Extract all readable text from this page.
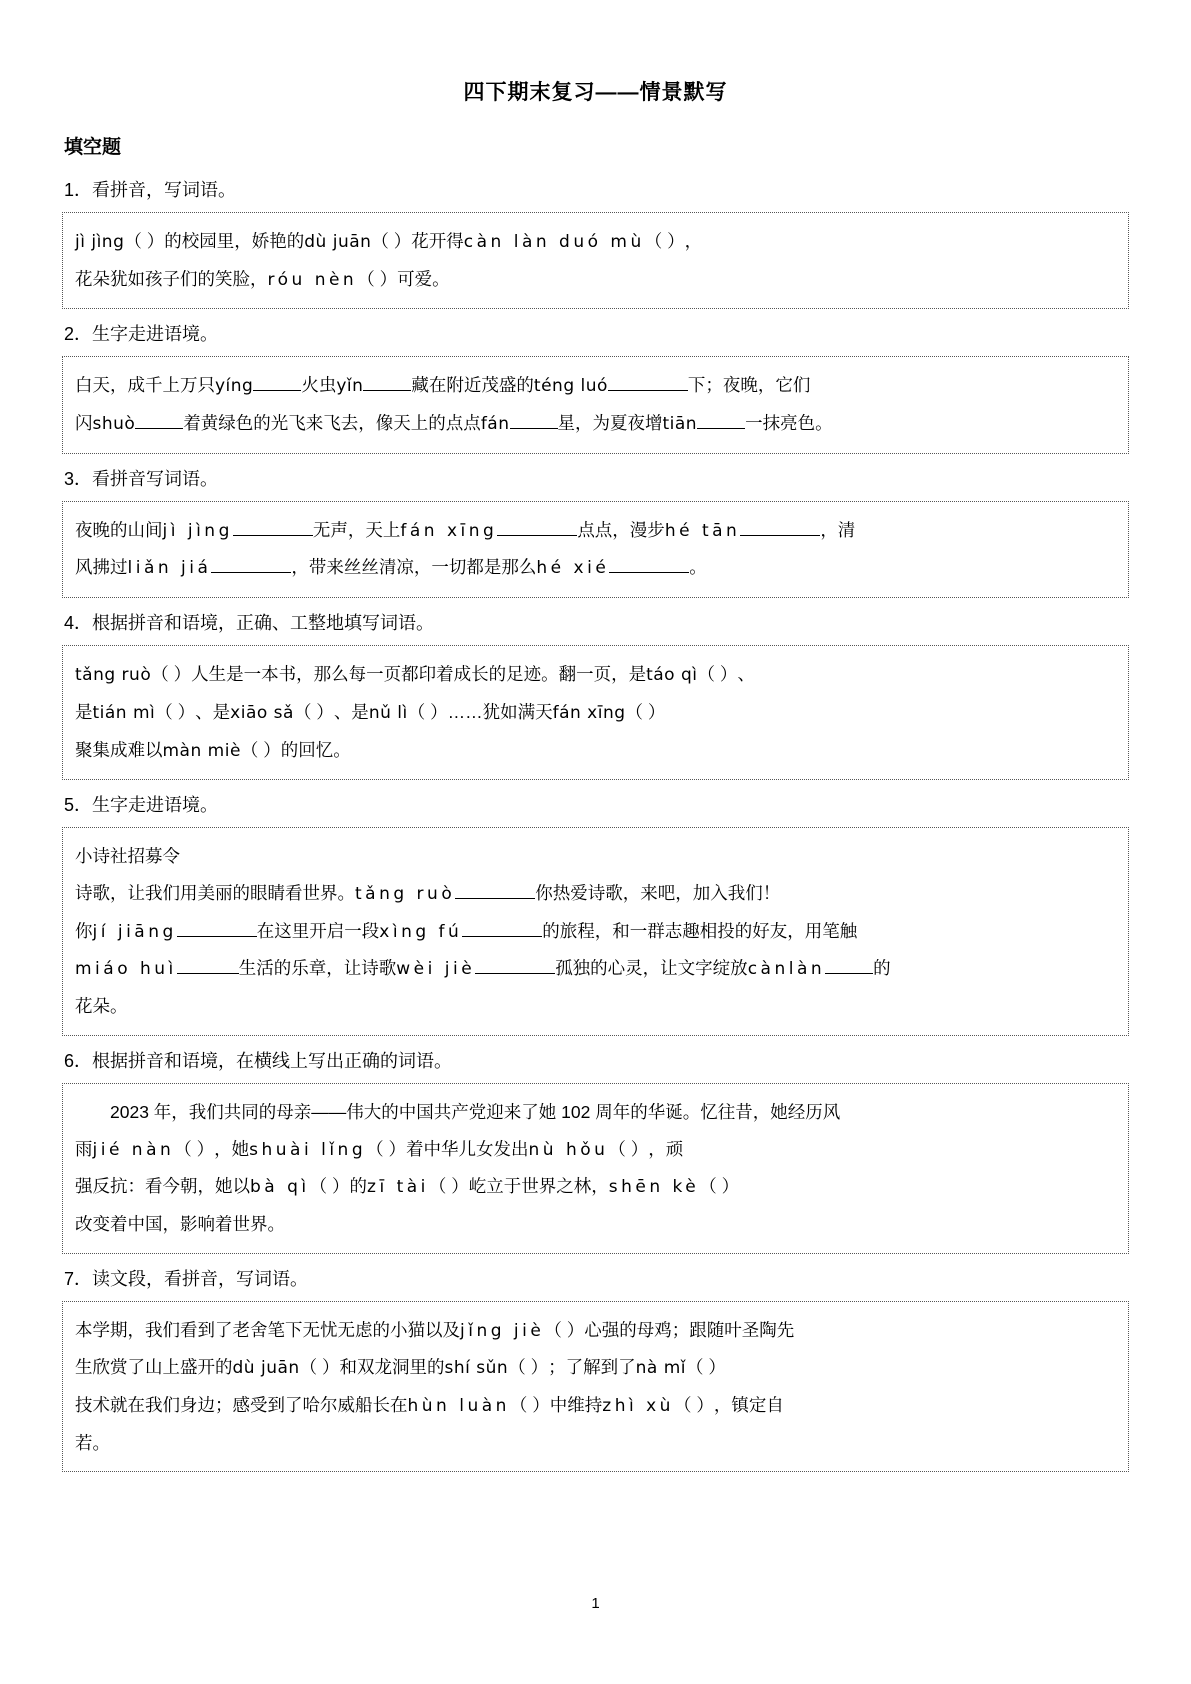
四下期末复习——情景默写
填空题
1．看拼音，写词语。
jì jìng（ ）的校园里，娇艳的dù juān（ ）花开得càn làn duó mù（ ），
花朵犹如孩子们的笑脸，róu nèn（ ）可爱。
2．生字走进语境。
白天，成千上万只yíng	火虫yǐn	藏在附近茂盛的téng luó	下；夜晚，它们
闪shuò	着黄绿色的光飞来飞去，像天上的点点fán	星，为夏夜增tiān	一抹亮色。
3．看拼音写词语。
夜晚的山间jì jìng	无声，天上fán xīng	点点，漫步hé tān	，清
风拂过liǎn jiá	，带来丝丝清凉，一切都是那么hé xié	。
4．根据拼音和语境，正确、工整地填写词语。
tǎng ruò（ ）人生是一本书，那么每一页都印着成长的足迹。翻一页，是táo qì（ ）、
是tián mì（ ）、是xiāo sǎ（ ）、是nǔ lì（ ）……犹如满天fán xīng（ ）
聚集成难以màn miè（ ）的回忆。
5．生字走进语境。
小诗社招募令
诗歌，让我们用美丽的眼睛看世界。tǎng ruò	你热爱诗歌，来吧，加入我们！
你jí jiāng	在这里开启一段xìng fú	的旅程，和一群志趣相投的好友，用笔触
miáo huì	生活的乐章，让诗歌wèi jiè	孤独的心灵，让文字绽放cànlàn	的
花朵。
6．根据拼音和语境，在横线上写出正确的词语。
2023 年，我们共同的母亲——伟大的中国共产党迎来了她 102 周年的华诞。忆往昔，她经历风
雨jié nàn（ ），她shuài lǐng（ ）着中华儿女发出nù hǒu（ ），顽
强反抗：看今朝，她以bà qì（ ）的zī tài（ ）屹立于世界之林，shēn kè（ ）
改变着中国，影响着世界。
7．读文段，看拼音，写词语。
本学期，我们看到了老舍笔下无忧无虑的小猫以及jǐng jiè（ ）心强的母鸡；跟随叶圣陶先
生欣赏了山上盛开的dù juān（ ）和双龙洞里的shí sǔn（ ）；了解到了nà mǐ（ ）
技术就在我们身边；感受到了哈尔威船长在hùn luàn（ ）中维持zhì xù（ ），镇定自
若。
1
